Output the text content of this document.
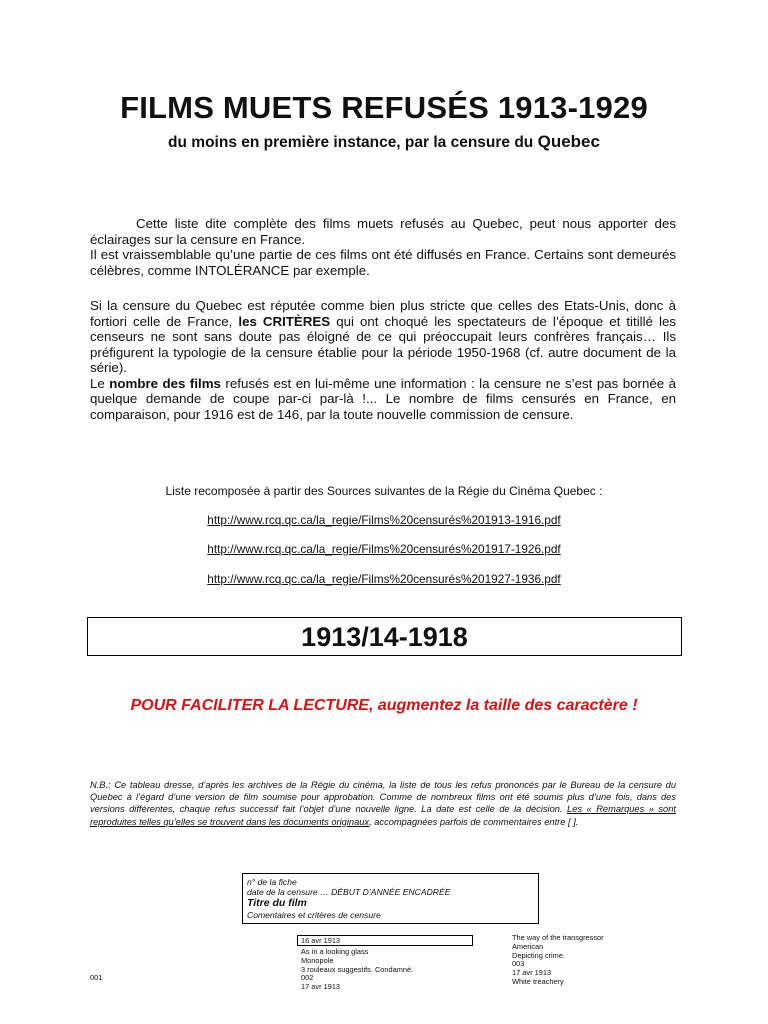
FILMS MUETS REFUSÉS 1913-1929
du moins en première instance, par la censure du Quebec
Cette liste dite complète des films muets refusés au Quebec, peut nous apporter des éclairages sur la censure en France.
Il est vraissemblable qu’une partie de ces films ont été diffusés en France. Certains sont demeurés célèbres, comme INTOLÉRANCE par exemple.
Si la censure du Quebec est réputée comme bien plus stricte que celles des Etats-Unis, donc à fortiori celle de France, les CRITÈRES qui ont choqué les spectateurs de l’époque et titillé les censeurs ne sont sans doute pas éloigné de ce qui préoccupait leurs confrères français… Ils préfigurent la typologie de la censure établie pour la période 1950-1968 (cf. autre document de la série).
Le nombre des films refusés est en lui-même une information : la censure ne s’est pas bornée à quelque demande de coupe par-ci par-là !... Le nombre de films censurés en France, en comparaison, pour 1916 est de 146, par la toute nouvelle commission de censure.
Liste recomposée à partir des Sources suivantes de la Régie du Cinéma Quebec :
http://www.rcq.qc.ca/la_regie/Films%20censurés%201913-1916.pdf
http://www.rcq.qc.ca/la_regie/Films%20censurés%201917-1926.pdf
http://www.rcq.qc.ca/la_regie/Films%20censurés%201927-1936.pdf
1913/14-1918
POUR FACILITER LA LECTURE, augmentez la taille des caractère !
N.B.: Ce tableau dresse, d’après les archives de la Régie du cinéma, la liste de tous les refus prononcés par le Bureau de la censure du Quebec à l’égard d’une version de film soumise pour approbation. Comme de nombreux films ont été soumis plus d’une fois, dans des versions différentes, chaque refus successif fait l’objet d’une nouvelle ligne. La date est celle de la décision. Les « Remarques » sont reproduites telles qu’elles se trouvent dans les documents originaux, accompagnées parfois de commentaires entre [ ].
n° de la fiche
date de la censure … DÉBUT D’ANNÉE ENCADRÉE
Titre du film
Comentaires et critères de censure
16 avr 1913
As in a looking glass
Monopole
3 rouleaux suggestifs. Condamné.
002
17 avr 1913
The way of the transgressor
American
Depicting crime.
003
17 avr 1913
White treachery
001
